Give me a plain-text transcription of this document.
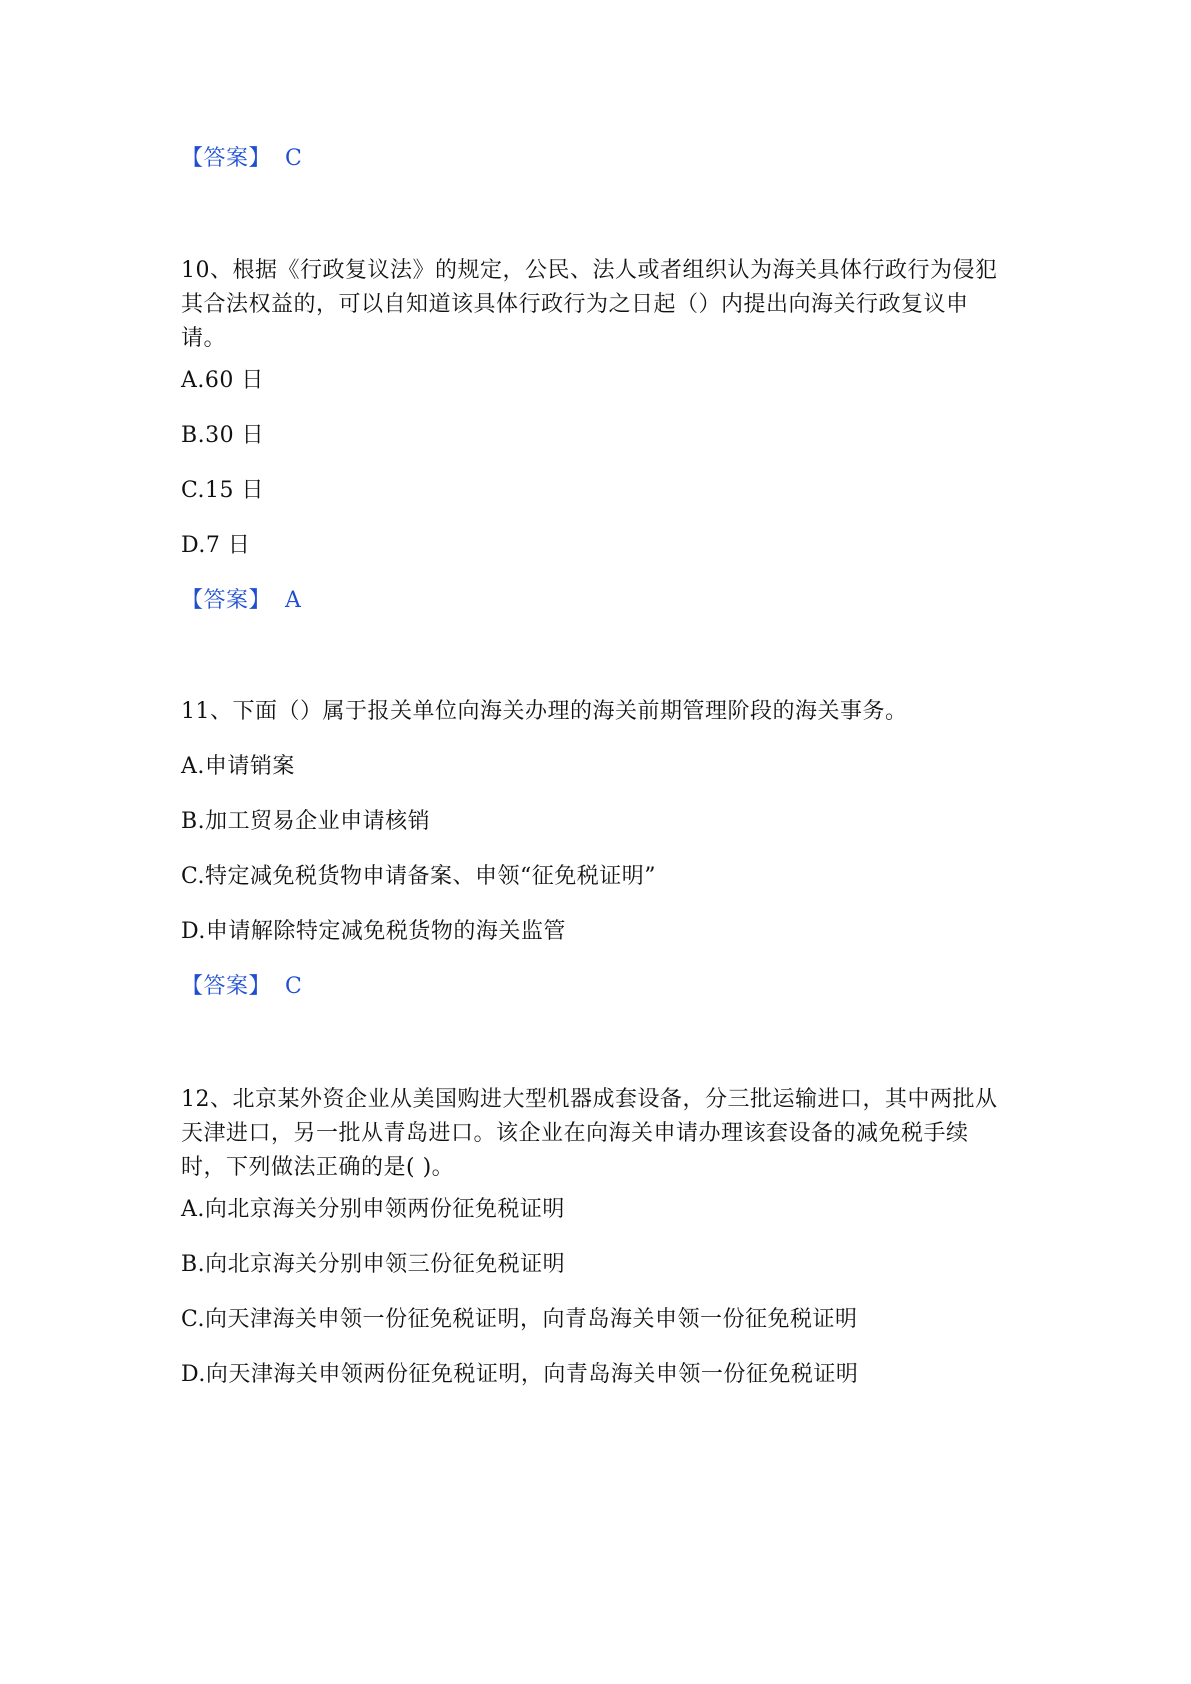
【答案】 C
10、根据《行政复议法》的规定，公民、法人或者组织认为海关具体行政行为侵犯其合法权益的，可以自知道该具体行政行为之日起（）内提出向海关行政复议申请。
A.60 日
B.30 日
C.15 日
D.7 日
【答案】 A
11、下面（）属于报关单位向海关办理的海关前期管理阶段的海关事务。
A.申请销案
B.加工贸易企业申请核销
C.特定减免税货物申请备案、申领“征免税证明”
D.申请解除特定减免税货物的海关监管
【答案】 C
12、北京某外资企业从美国购进大型机器成套设备，分三批运输进口，其中两批从天津进口，另一批从青岛进口。该企业在向海关申请办理该套设备的减免税手续时，下列做法正确的是( )。
A.向北京海关分别申领两份征免税证明
B.向北京海关分别申领三份征免税证明
C.向天津海关申领一份征免税证明，向青岛海关申领一份征免税证明
D.向天津海关申领两份征免税证明，向青岛海关申领一份征免税证明
